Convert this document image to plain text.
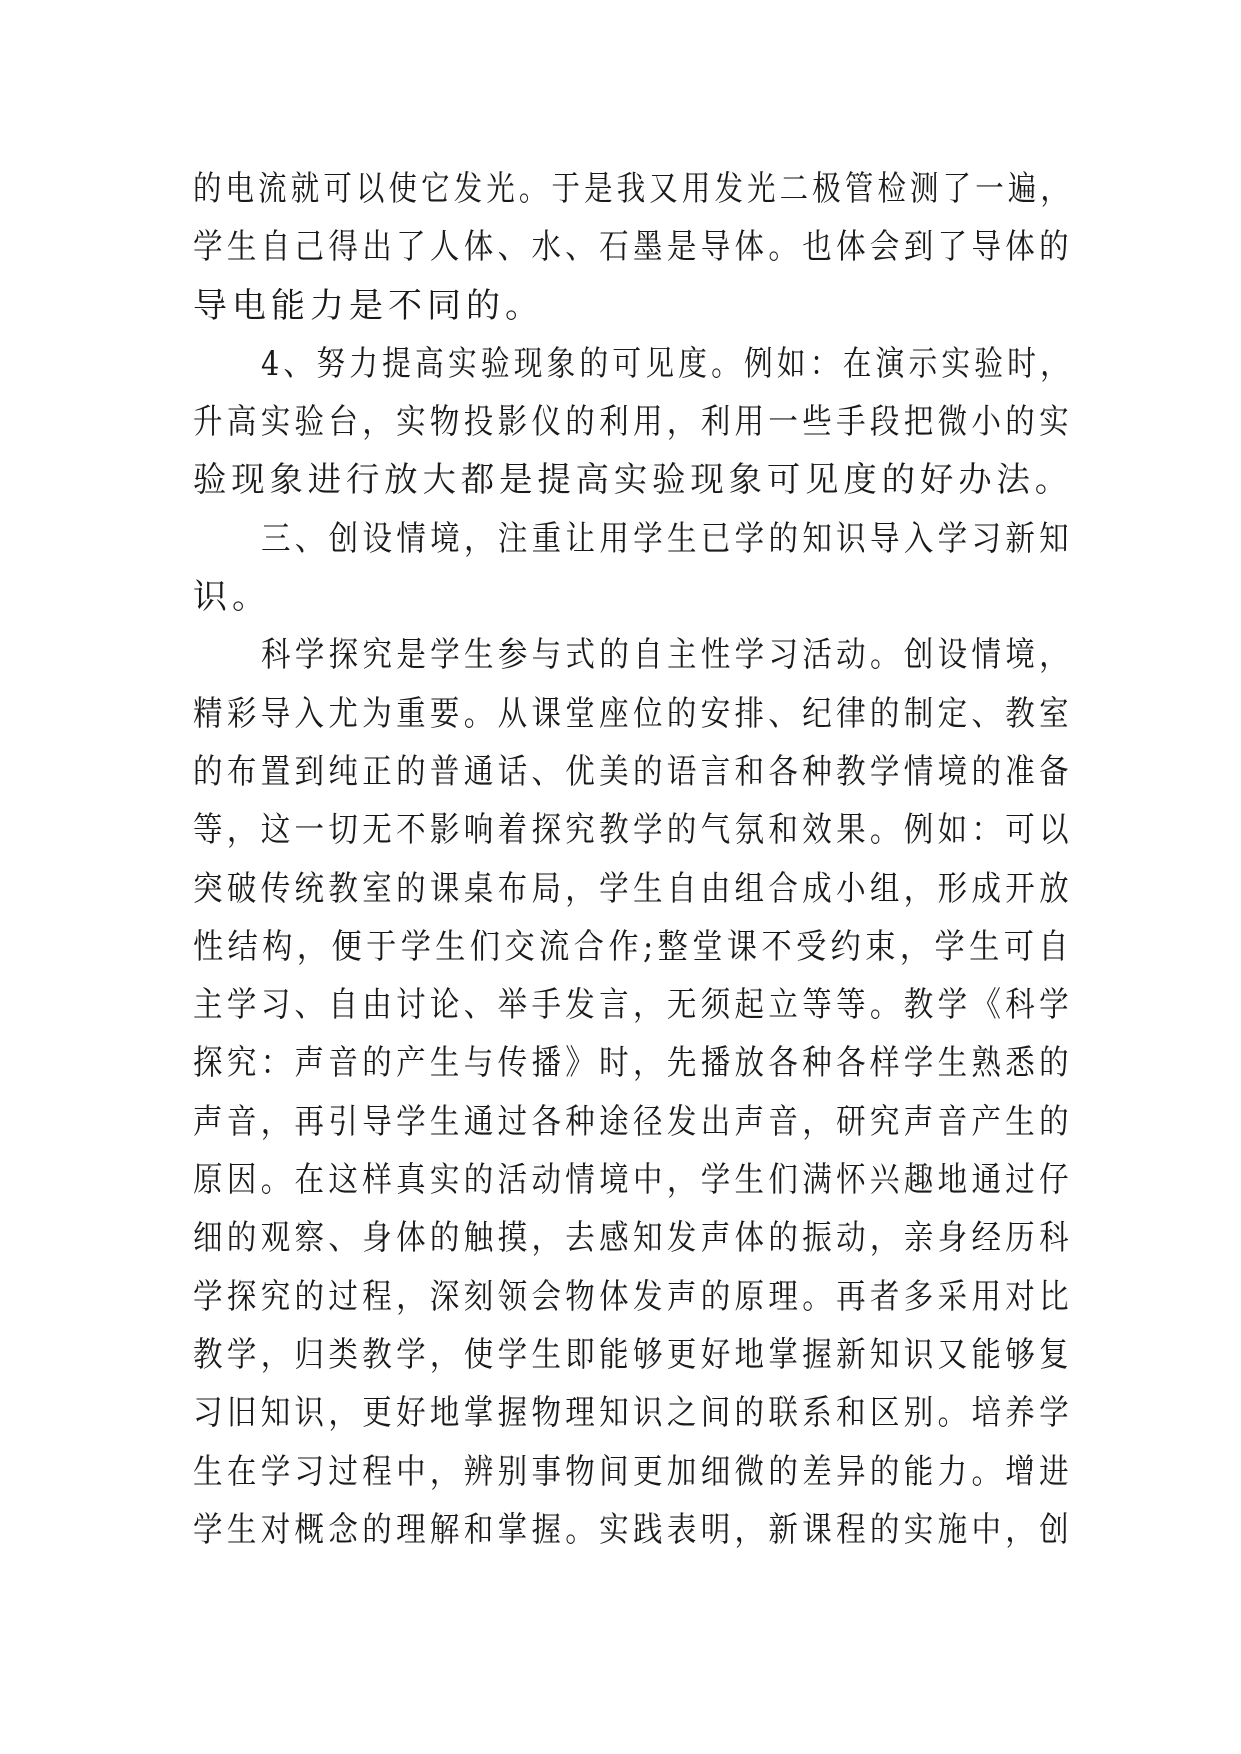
的电流就可以使它发光。于是我又用发光二极管检测了一遍，
学生自己得出了人体、水、石墨是导体。也体会到了导体的
导电能力是不同的。
4、努力提高实验现象的可见度。例如：在演示实验时，
升高实验台，实物投影仪的利用，利用一些手段把微小的实
验现象进行放大都是提高实验现象可见度的好办法。
三、创设情境，注重让用学生已学的知识导入学习新知
识。
科学探究是学生参与式的自主性学习活动。创设情境，
精彩导入尤为重要。从课堂座位的安排、纪律的制定、教室
的布置到纯正的普通话、优美的语言和各种教学情境的准备
等，这一切无不影响着探究教学的气氛和效果。例如：可以
突破传统教室的课桌布局，学生自由组合成小组，形成开放
性结构，便于学生们交流合作;整堂课不受约束，学生可自
主学习、自由讨论、举手发言，无须起立等等。教学《科学
探究：声音的产生与传播》时，先播放各种各样学生熟悉的
声音，再引导学生通过各种途径发出声音，研究声音产生的
原因。在这样真实的活动情境中，学生们满怀兴趣地通过仔
细的观察、身体的触摸，去感知发声体的振动，亲身经历科
学探究的过程，深刻领会物体发声的原理。再者多采用对比
教学，归类教学，使学生即能够更好地掌握新知识又能够复
习旧知识，更好地掌握物理知识之间的联系和区别。培养学
生在学习过程中，辨别事物间更加细微的差异的能力。增进
学生对概念的理解和掌握。实践表明，新课程的实施中，创
